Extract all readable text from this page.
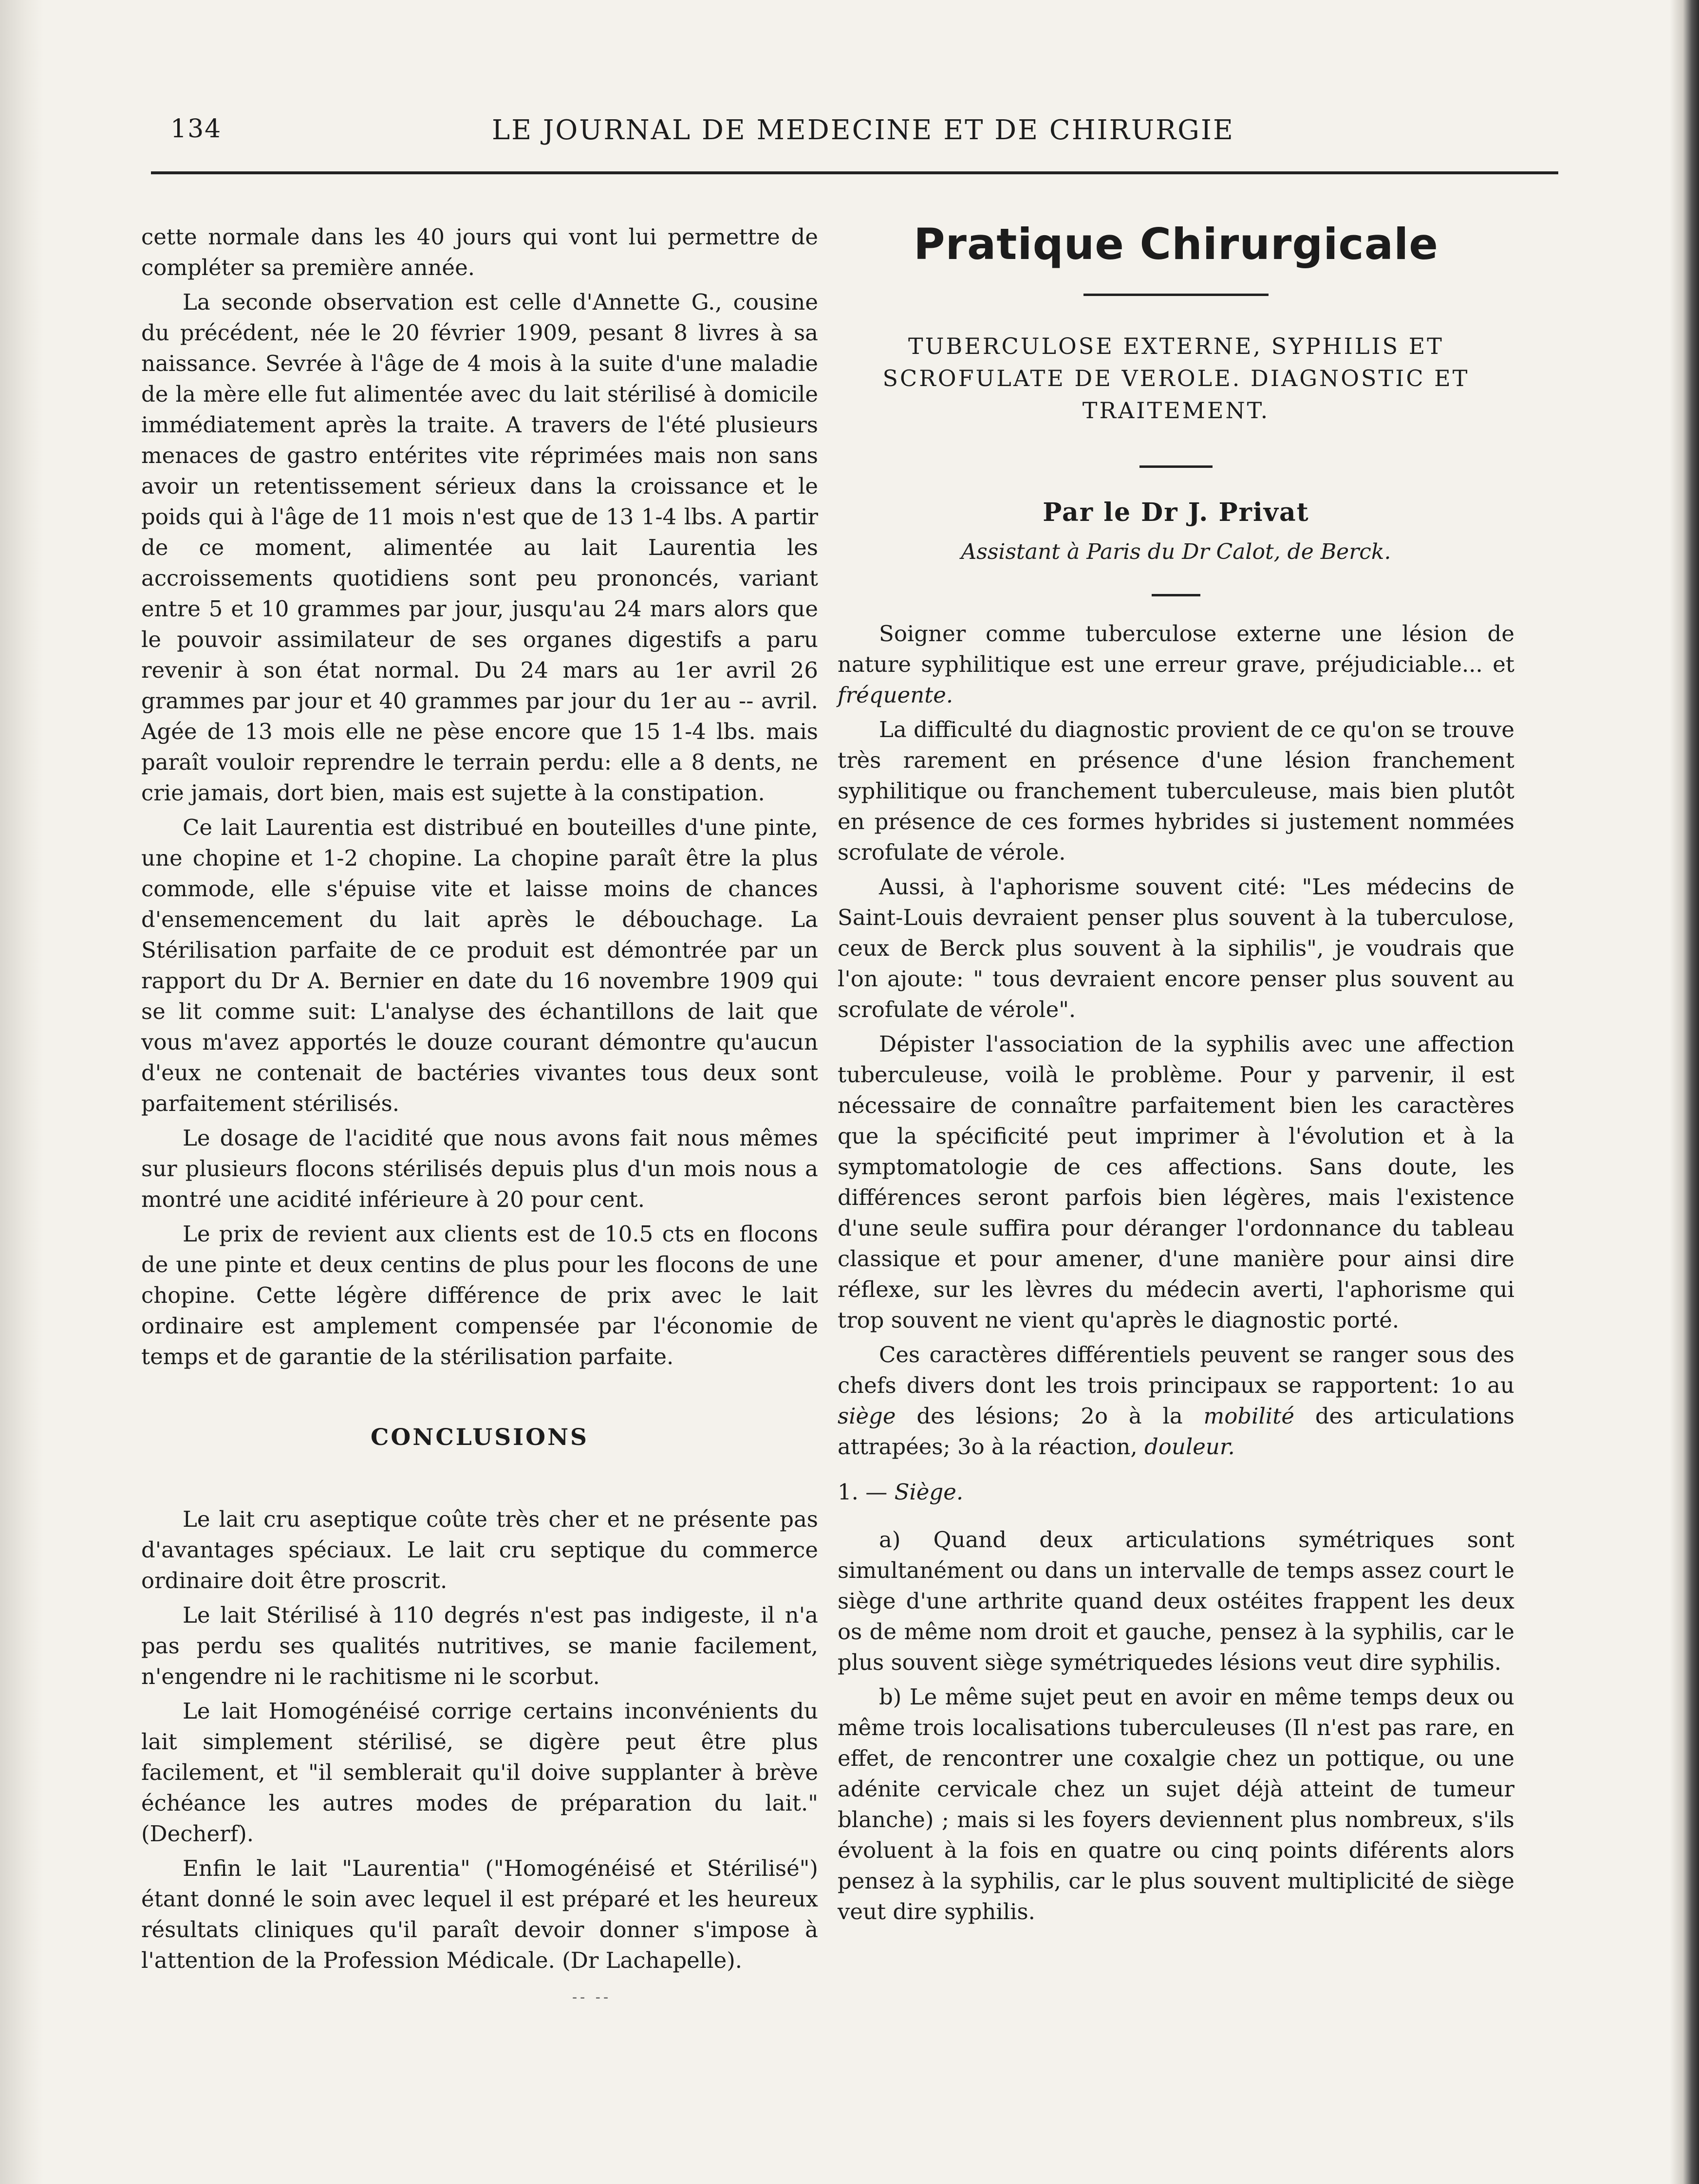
134	LE JOURNAL DE MEDECINE ET DE CHIRURGIE

cette normale dans les 40 jours qui vont lui permettre de compléter sa première année.

La seconde observation est celle d'Annette G., cousine du précédent, née le 20 février 1909, pesant 8 livres à sa naissance. Sevrée à l'âge de 4 mois à la suite d'une maladie de la mère elle fut alimentée avec du lait stérilisé à domicile immédiatement après la traite. A travers de l'été plusieurs menaces de gastro entérites vite réprimées mais non sans avoir un retentissement sérieux dans la croissance et le poids qui à l'âge de 11 mois n'est que de 13 1-4 lbs. A partir de ce moment, alimentée au lait Laurentia les accroissements quotidiens sont peu prononcés, variant entre 5 et 10 grammes par jour, jusqu'au 24 mars alors que le pouvoir assimilateur de ses organes digestifs a paru revenir à son état normal. Du 24 mars au 1er avril 26 grammes par jour et 40 grammes par jour du 1er au -- avril. Agée de 13 mois elle ne pèse encore que 15 1-4 lbs. mais paraît vouloir reprendre le terrain perdu: elle a 8 dents, ne crie jamais, dort bien, mais est sujette à la constipation.

Ce lait Laurentia est distribué en bouteilles d'une pinte, une chopine et 1-2 chopine. La chopine paraît être la plus commode, elle s'épuise vite et laisse moins de chances d'ensemencement du lait après le débouchage. La Stérilisation parfaite de ce produit est démontrée par un rapport du Dr A. Bernier en date du 16 novembre 1909 qui se lit comme suit: L'analyse des échantillons de lait que vous m'avez apportés le douze courant démontre qu'aucun d'eux ne contenait de bactéries vivantes tous deux sont parfaitement stérilisés.

Le dosage de l'acidité que nous avons fait nous mêmes sur plusieurs flocons stérilisés depuis plus d'un mois nous a montré une acidité inférieure à 20 pour cent.

Le prix de revient aux clients est de 10.5 cts en flocons de une pinte et deux centins de plus pour les flocons de une chopine. Cette légère différence de prix avec le lait ordinaire est amplement compensée par l'économie de temps et de garantie de la stérilisation parfaite.

CONCLUSIONS

Le lait cru aseptique coûte très cher et ne présente pas d'avantages spéciaux. Le lait cru septique du commerce ordinaire doit être proscrit.

Le lait Stérilisé à 110 degrés n'est pas indigeste, il n'a pas perdu ses qualités nutritives, se manie facilement, n'engendre ni le rachitisme ni le scorbut.

Le lait Homogénéisé corrige certains inconvénients du lait simplement stérilisé, se digère peut être plus facilement, et "il semblerait qu'il doive supplanter à brève échéance les autres modes de préparation du lait." (Decherf).

Enfin le lait "Laurentia" ("Homogénéisé et Stérilisé") étant donné le soin avec lequel il est préparé et les heureux résultats cliniques qu'il paraît devoir donner s'impose à l'attention de la Profession Médicale. (Dr Lachapelle).

Pratique Chirurgicale
TUBERCULOSE EXTERNE, SYPHILIS ET SCROFULATE DE VEROLE. DIAGNOSTIC ET TRAITEMENT.
Par le Dr J. Privat
Assistant à Paris du Dr Calot, de Berck.

Soigner comme tuberculose externe une lésion de nature syphilitique est une erreur grave, préjudiciable... et fréquente.

La difficulté du diagnostic provient de ce qu'on se trouve très rarement en présence d'une lésion franchement syphilitique ou franchement tuberculeuse, mais bien plutôt en présence de ces formes hybrides si justement nommées scrofulate de vérole.

Aussi, à l'aphorisme souvent cité: "Les médecins de Saint-Louis devraient penser plus souvent à la tuberculose, ceux de Berck plus souvent à la siphilis", je voudrais que l'on ajoute: " tous devraient encore penser plus souvent au scrofulate de vérole".

Dépister l'association de la syphilis avec une affection tuberculeuse, voilà le problème. Pour y parvenir, il est nécessaire de connaître parfaitement bien les caractères que la spécificité peut imprimer à l'évolution et à la symptomatologie de ces affections. Sans doute, les différences seront parfois bien légères, mais l'existence d'une seule suffira pour déranger l'ordonnance du tableau classique et pour amener, d'une manière pour ainsi dire réflexe, sur les lèvres du médecin averti, l'aphorisme qui trop souvent ne vient qu'après le diagnostic porté.

Ces caractères différentiels peuvent se ranger sous des chefs divers dont les trois principaux se rapportent: 1o au siège des lésions; 2o à la mobilité des articulations attrapées; 3o à la réaction, douleur.

1. — Siège.

a) Quand deux articulations symétriques sont simultanément ou dans un intervalle de temps assez court le siège d'une arthrite quand deux ostéites frappent les deux os de même nom droit et gauche, pensez à la syphilis, car le plus souvent siège symétriquedes lésions veut dire syphilis.

b) Le même sujet peut en avoir en même temps deux ou même trois localisations tuberculeuses (Il n'est pas rare, en effet, de rencontrer une coxalgie chez un pottique, ou une adénite cervicale chez un sujet déjà atteint de tumeur blanche) ; mais si les foyers deviennent plus nombreux, s'ils évoluent à la fois en quatre ou cinq points diférents alors pensez à la syphilis, car le plus souvent multiplicité de siège veut dire syphilis.

-- --
